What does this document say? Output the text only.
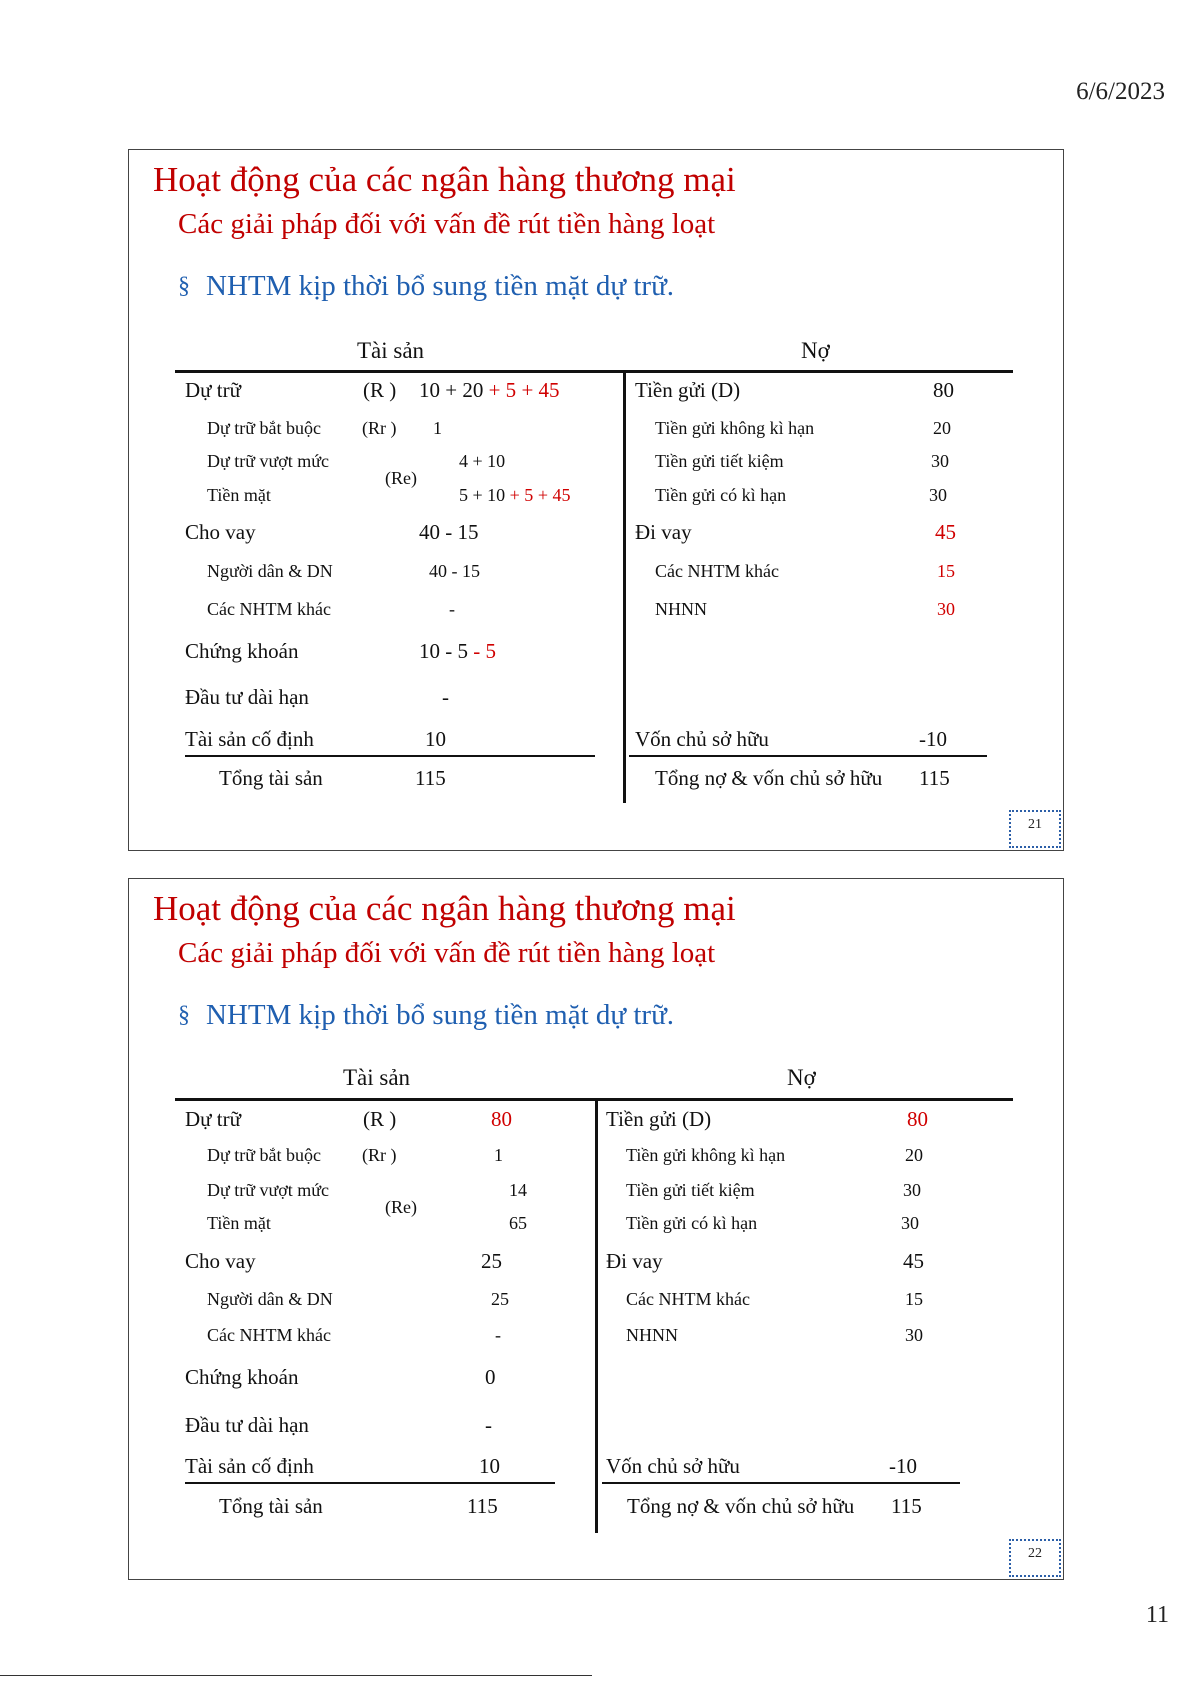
6/6/2023
Hoạt động của các ngân hàng thương mại
Các giải pháp đối với vấn đề rút tiền hàng loạt
§ NHTM kịp thời bổ sung tiền mặt dự trữ.
Tài sản	Nợ
Dự trữ	(R ) 10 + 20 + 5 + 45
Dự trữ bắt buộc (Rr ) 1
Dự trữ vượt mức	4 + 10
(Re)
Tiền mặt	5 + 10 + 5 + 45
Cho vay	40 - 15
Người dân & DN	40 - 15
Các NHTM khác	-
Chứng khoán	10 - 5 - 5
Đầu tư dài hạn	-
Tài sản cố định	10
Tổng tài sản	115
Tiền gửi (D)	80
Tiền gửi không kì hạn	20
Tiền gửi tiết kiệm	30
Tiền gửi có kì hạn	30
Đi vay	45
Các NHTM khác	15
NHNN	30
Vốn chủ sở hữu	-10
Tổng nợ & vốn chủ sở hữu 115
21
Hoạt động của các ngân hàng thương mại
Các giải pháp đối với vấn đề rút tiền hàng loạt
§ NHTM kịp thời bổ sung tiền mặt dự trữ.
Tài sản	Nợ
Dự trữ	(R )	80
Dự trữ bắt buộc (Rr )	1
Dự trữ vượt mức	14
(Re)
Tiền mặt	65
Cho vay	25
Người dân & DN	25
Các NHTM khác	-
Chứng khoán	0
Đầu tư dài hạn	-
Tài sản cố định	10
Tổng tài sản	115
Tiền gửi (D)	80
Tiền gửi không kì hạn	20
Tiền gửi tiết kiệm	30
Tiền gửi có kì hạn	30
Đi vay	45
Các NHTM khác	15
NHNN	30
Vốn chủ sở hữu	-10
Tổng nợ & vốn chủ sở hữu 115
22
11
